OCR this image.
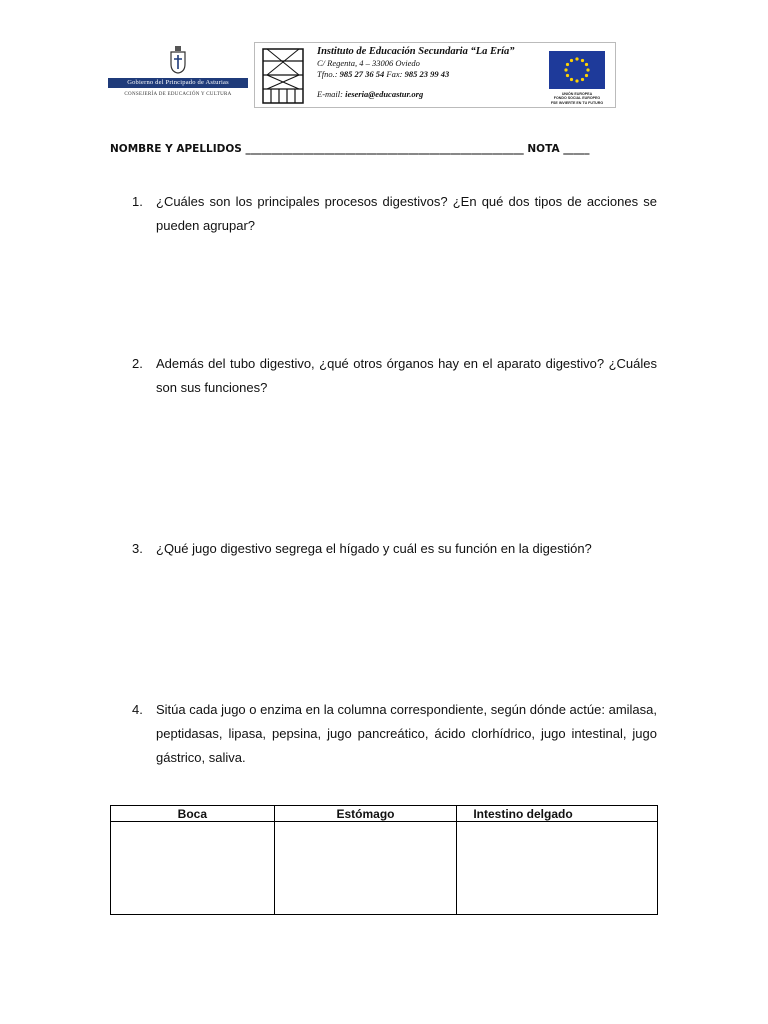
Gobierno del Principado de Asturias
CONSEJERÍA DE EDUCACIÓN Y CULTURA
Instituto de Educación Secundaria “La Ería”
C/ Regenta, 4 – 33006 Oviedo
Tfno.: 985 27 36 54 Fax: 985 23 99 43
E-mail: ieseria@educastur.org	UNIÓN EUROPEA
FONDO SOCIAL EUROPEO
FSE INVIERTE EN TU FUTURO
NOMBRE Y APELLIDOS _____________________________________________________ NOTA _____
1. ¿Cuáles son los principales procesos digestivos? ¿En qué dos tipos de acciones se pueden agrupar?
2. Además del tubo digestivo, ¿qué otros órganos hay en el aparato digestivo? ¿Cuáles son sus funciones?
3. ¿Qué jugo digestivo segrega el hígado y cuál es su función en la digestión?
4. Sitúa cada jugo o enzima en la columna correspondiente, según dónde actúe: amilasa, peptidasas, lipasa, pepsina, jugo pancreático, ácido clorhídrico, jugo intestinal, jugo gástrico, saliva.
Boca	Estómago	Intestino delgado
